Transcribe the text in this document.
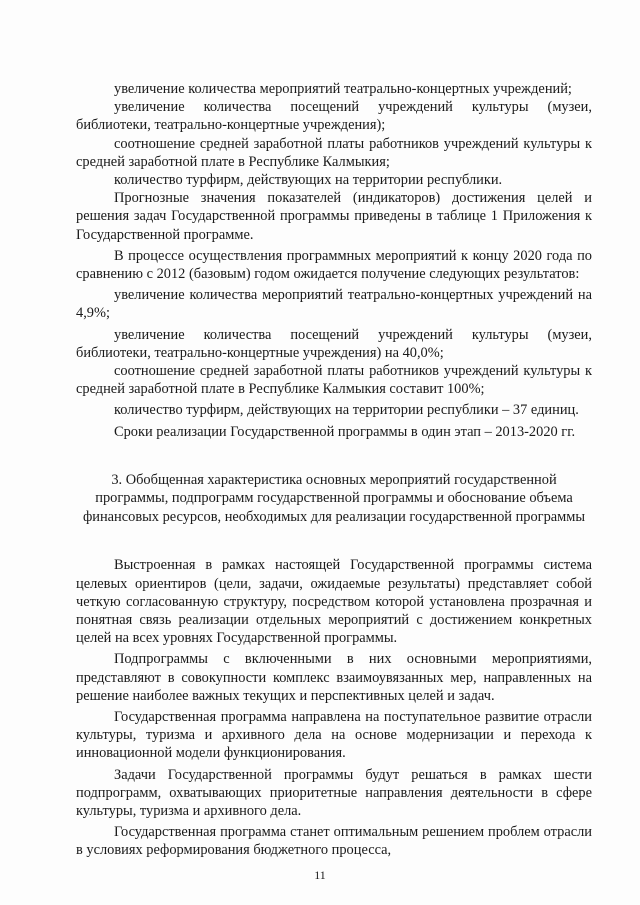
увеличение количества мероприятий театрально-концертных учреждений;

увеличение количества посещений учреждений культуры (музеи, библиотеки, театрально-концертные учреждения);

соотношение средней заработной платы работников учреждений культуры к средней заработной плате в Республике Калмыкия;

количество турфирм, действующих на территории республики.

Прогнозные значения показателей (индикаторов) достижения целей и решения задач Государственной программы приведены в таблице 1 Приложения к Государственной программе.

В процессе осуществления программных мероприятий к концу 2020 года по сравнению с 2012 (базовым) годом ожидается получение следующих результатов:

увеличение количества мероприятий театрально-концертных учреждений на 4,9%;

увеличение количества посещений учреждений культуры (музеи, библиотеки, театрально-концертные учреждения) на 40,0%;

соотношение средней заработной платы работников учреждений культуры к средней заработной плате в Республике Калмыкия составит 100%;

количество турфирм, действующих на территории республики – 37 единиц.

Сроки реализации Государственной программы в один этап – 2013-2020 гг.

3. Обобщенная характеристика основных мероприятий государственной программы, подпрограмм государственной программы и обоснование объема финансовых ресурсов, необходимых для реализации государственной программы

Выстроенная в рамках настоящей Государственной программы система целевых ориентиров (цели, задачи, ожидаемые результаты) представляет собой четкую согласованную структуру, посредством которой установлена прозрачная и понятная связь реализации отдельных мероприятий с достижением конкретных целей на всех уровнях Государственной программы.

Подпрограммы с включенными в них основными мероприятиями, представляют в совокупности комплекс взаимоувязанных мер, направленных на решение наиболее важных текущих и перспективных целей и задач.

Государственная программа направлена на поступательное развитие отрасли культуры, туризма и архивного дела на основе модернизации и перехода к инновационной модели функционирования.

Задачи Государственной программы будут решаться в рамках шести подпрограмм, охватывающих приоритетные направления деятельности в сфере культуры, туризма и архивного дела.

Государственная программа станет оптимальным решением проблем отрасли в условиях реформирования бюджетного процесса,

11
